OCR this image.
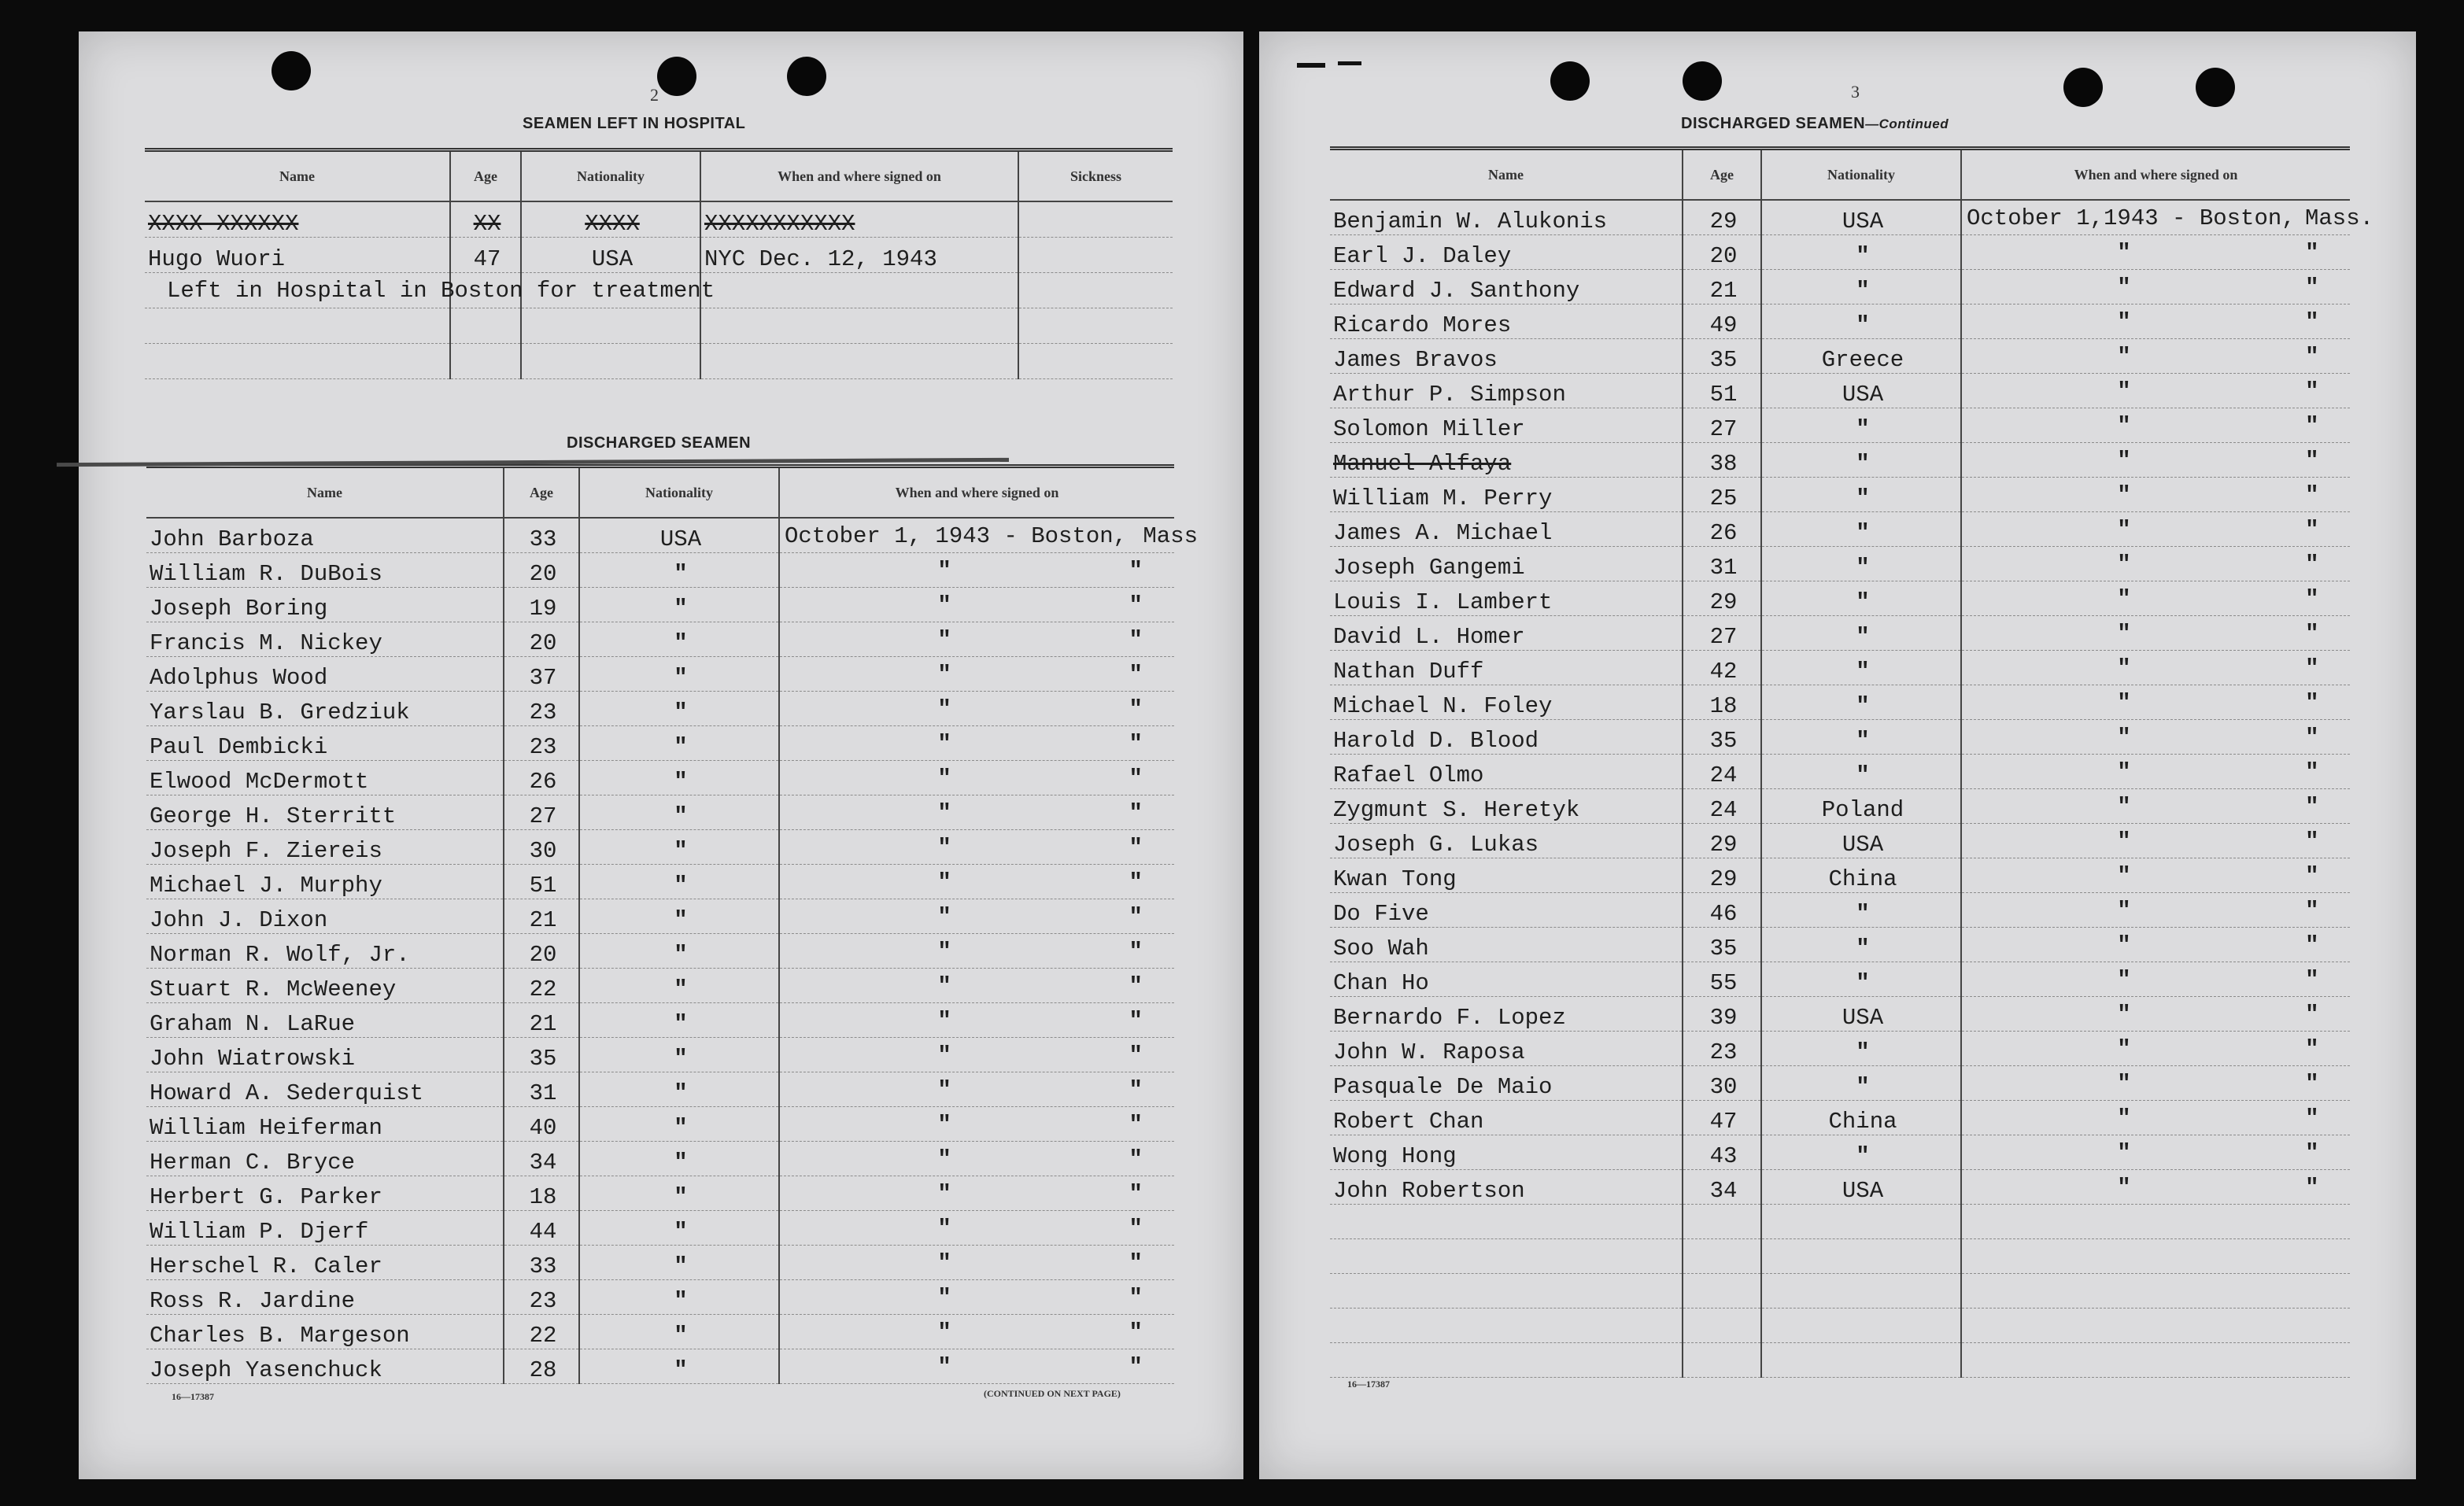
2
SEAMEN LEFT IN HOSPITAL
Name	Age	Nationality	When and where signed on	Sickness
XXXX XXXXXX	XX	XXXX	XXXXXXXXXXX	
Hugo Wuori	47	USA	NYC Dec. 12, 1943	

Left in Hospital in Boston for treatment
DISCHARGED SEAMEN
Name	Age	Nationality	When and where signed on
John Barboza	33	USA	October 1, 1943 - Boston, Mass

William R. DuBois	20	"	" "

Joseph Boring	19	"	" "

Francis M. Nickey	20	"	" "

Adolphus Wood	37	"	" "

Yarslau B. Gredziuk	23	"	" "

Paul Dembicki	23	"	" "

Elwood McDermott	26	"	" "

George H. Sterritt	27	"	" "

Joseph F. Ziereis	30	"	" "

Michael J. Murphy	51	"	" "

John J. Dixon	21	"	" "

Norman R. Wolf, Jr.	20	"	" "

Stuart R. McWeeney	22	"	" "

Graham N. LaRue	21	"	" "

John Wiatrowski	35	"	" "

Howard A. Sederquist	31	"	" "

William Heiferman	40	"	" "

Herman C. Bryce	34	"	" "

Herbert G. Parker	18	"	" "

William P. Djerf	44	"	" "

Herschel R. Caler	33	"	" "

Ross R. Jardine	23	"	" "

Charles B. Margeson	22	"	" "

Joseph Yasenchuck	28	"	" "
16—17387	(CONTINUED ON NEXT PAGE)
3
DISCHARGED SEAMEN—Continued
Name	Age	Nationality	When and where signed on
Benjamin W. Alukonis	29	USA	October 1,1943 - Boston, Mass.

Earl J. Daley	20	"	" "

Edward J. Santhony	21	"	" "

Ricardo Mores	49	"	" "

James Bravos	35	Greece	" "

Arthur P. Simpson	51	USA	" "

Solomon Miller	27	"	" "

Manuel Alfaya	38	"	" "

William M. Perry	25	"	" "

James A. Michael	26	"	" "

Joseph Gangemi	31	"	" "

Louis I. Lambert	29	"	" "

David L. Homer	27	"	" "

Nathan Duff	42	"	" "

Michael N. Foley	18	"	" "

Harold D. Blood	35	"	" "

Rafael Olmo	24	"	" "

Zygmunt S. Heretyk	24	Poland	" "

Joseph G. Lukas	29	USA	" "

Kwan Tong	29	China	" "

Do Five	46	"	" "

Soo Wah	35	"	" "

Chan Ho	55	"	" "

Bernardo F. Lopez	39	USA	" "

John W. Raposa	23	"	" "

Pasquale De Maio	30	"	" "

Robert Chan	47	China	" "

Wong Hong	43	"	" "

John Robertson	34	USA	" "

16—17387
